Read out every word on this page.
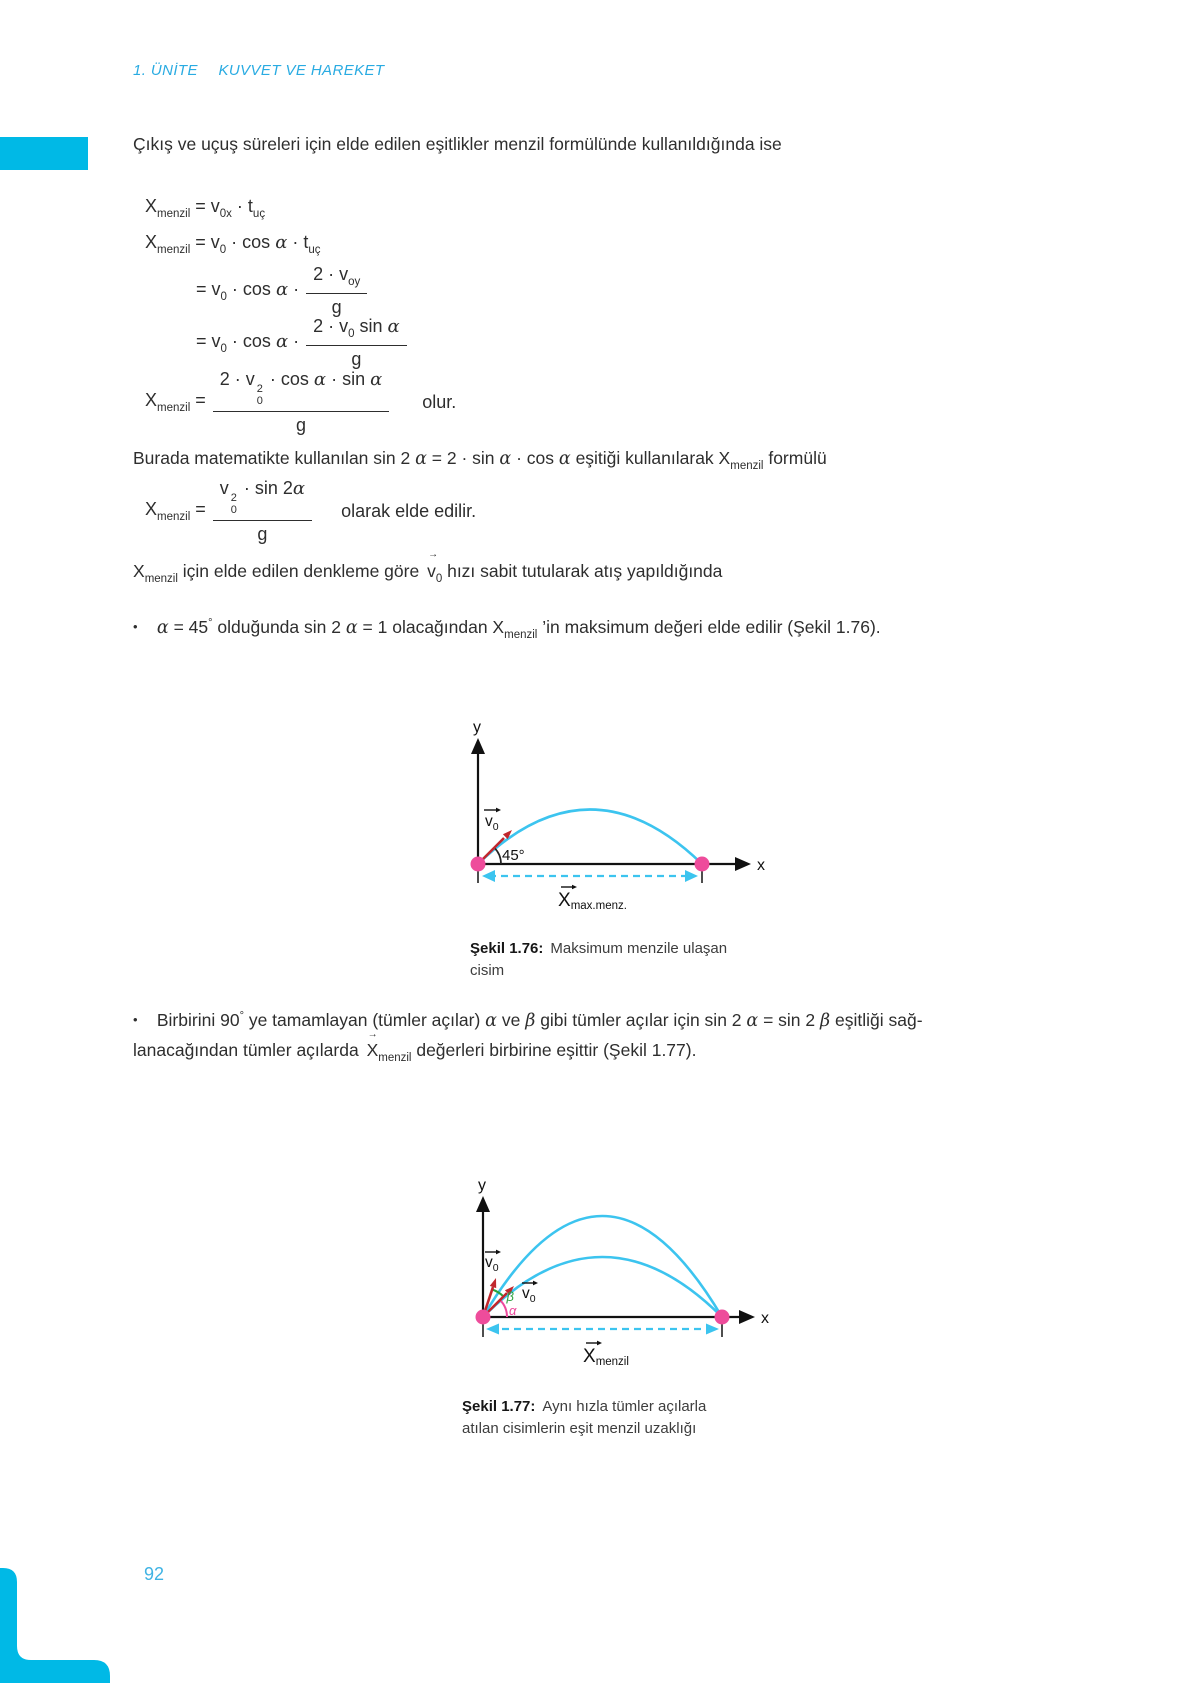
1. ÜNİTE KUVVET VE HAREKET
Çıkış ve uçuş süreleri için elde edilen eşitlikler menzil formülünde kullanıldığında ise
$X_{menzil} = v_{0x} \cdot t_{uç}$
$X_{menzil} = v_0 \cdot \cos \alpha \cdot t_{uç}$
= $v_0 \cdot \cos \alpha \cdot \frac{2 \cdot v_{oy}}{g}$
= $v_0 \cdot \cos \alpha \cdot \frac{2 \cdot v_0 \sin \alpha}{g}$
$X_{menzil} = 2 \cdot v$ 2
0
· cos α · sin α
g olur.
Burada matematikte kullanılan sin 2 α = 2 · sin α · cos α eşitiği kullanılarak $X_{menzil}$ formülü
$X_{menzil} = v$ 2
0
· sin 2α
g olarak elde edilir.
$X_{menzil}$ için elde edilen denkleme göre
→
$v_0$ hızı sabit tutularak atış yapıldığında
• α = 45° olduğunda sin 2 α = 1 olacağından $X_{menzil}$ ’in maksimum değeri elde edilir (Şekil 1.76).
y
x
45°
$v_0$
Xmax.menz.
Şekil 1.76: Maksimum menzile ulaşan
cisim
• Birbirini 90° ye tamamlayan (tümler açılar) α ve β gibi tümler açılar için sin 2 α = sin 2 β eşitliği sağ-
lanacağından tümler açılarda
→
$X_{menzil}$ değerleri birbirine eşittir (Şekil 1.77).
y
x
β
α
$v_0$
$v_0$
Xmenzil
Şekil 1.77: Aynı hızla tümler açılarla
atılan cisimlerin eşit menzil uzaklığı
92
